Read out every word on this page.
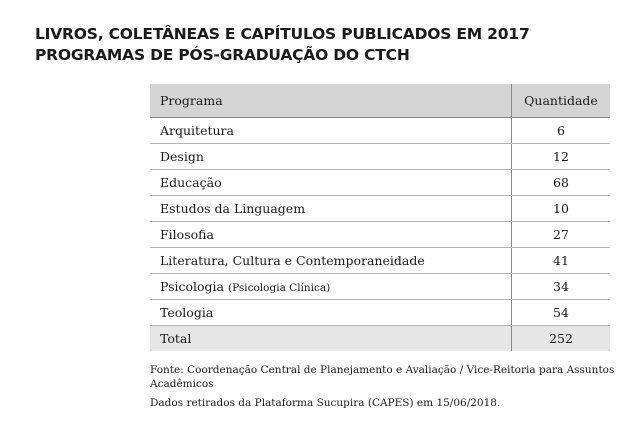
LIVROS, COLETÂNEAS E CAPÍTULOS PUBLICADOS EM 2017
PROGRAMAS DE PÓS-GRADUAÇÃO DO CTCH
Programa	Quantidade
Arquitetura	6
Design	12
Educação	68
Estudos da Linguagem	10
Filosofia	27
Literatura, Cultura e Contemporaneidade	41
Psicologia (Psicologia Clínica)	34
Teologia	54
Total	252
Fonte: Coordenação Central de Planejamento e Avaliação / Vice-Reitoria para Assuntos Acadêmicos
Dados retirados da Plataforma Sucupira (CAPES) em 15/06/2018.
